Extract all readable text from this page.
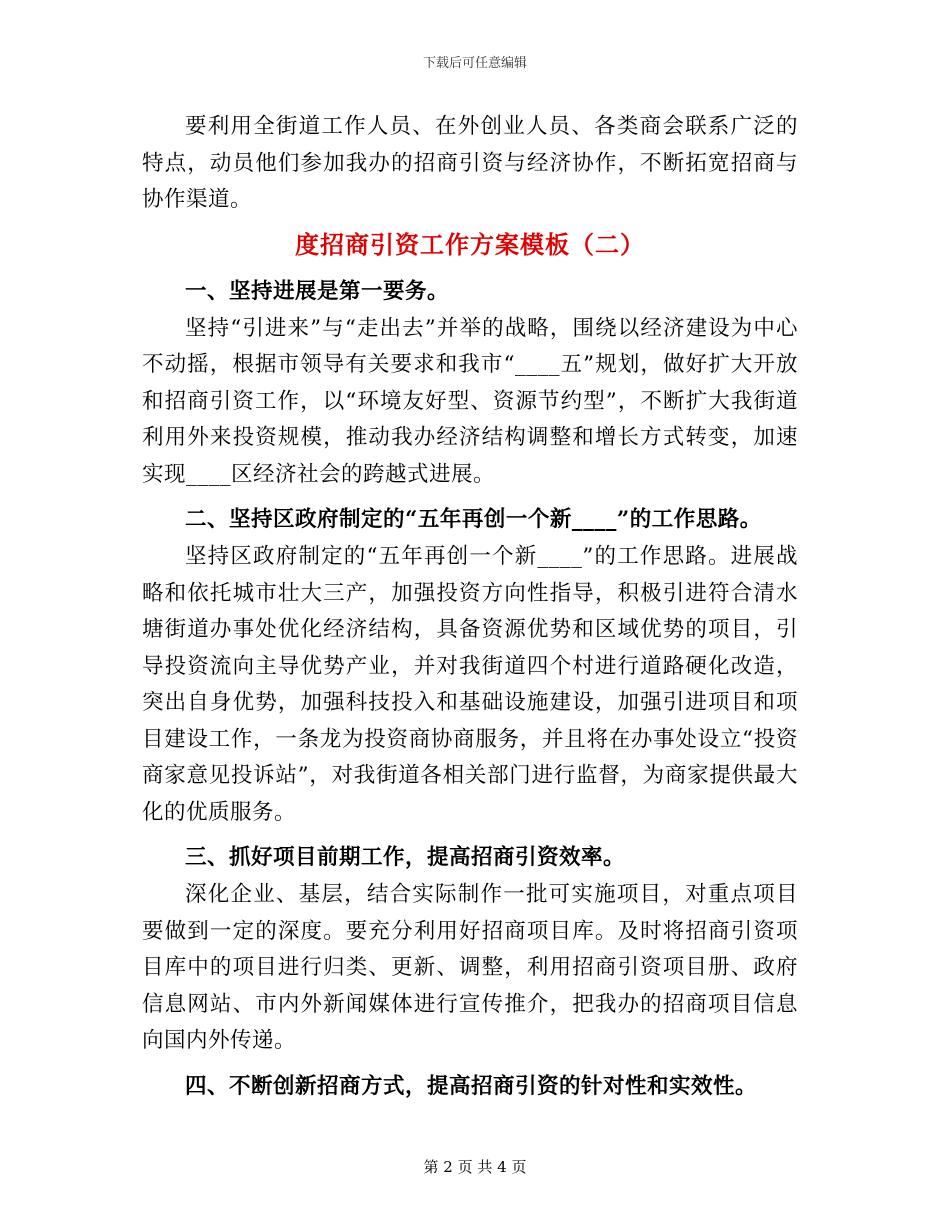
下载后可任意编辑

要利用全街道工作人员、在外创业人员、各类商会联系广泛的特点，动员他们参加我办的招商引资与经济协作，不断拓宽招商与协作渠道。

度招商引资工作方案模板（二）

一、坚持进展是第一要务。

坚持“引进来”与“走出去”并举的战略，围绕以经济建设为中心不动摇，根据市领导有关要求和我市“____五”规划，做好扩大开放和招商引资工作，以“环境友好型、资源节约型”，不断扩大我街道利用外来投资规模，推动我办经济结构调整和增长方式转变，加速实现____区经济社会的跨越式进展。

二、坚持区政府制定的“五年再创一个新____”的工作思路。

坚持区政府制定的“五年再创一个新____”的工作思路。进展战略和依托城市壮大三产，加强投资方向性指导，积极引进符合清水塘街道办事处优化经济结构，具备资源优势和区域优势的项目，引导投资流向主导优势产业，并对我街道四个村进行道路硬化改造，突出自身优势，加强科技投入和基础设施建设，加强引进项目和项目建设工作，一条龙为投资商协商服务，并且将在办事处设立“投资商家意见投诉站”，对我街道各相关部门进行监督，为商家提供最大化的优质服务。

三、抓好项目前期工作，提高招商引资效率。

深化企业、基层，结合实际制作一批可实施项目，对重点项目要做到一定的深度。要充分利用好招商项目库。及时将招商引资项目库中的项目进行归类、更新、调整，利用招商引资项目册、政府信息网站、市内外新闻媒体进行宣传推介，把我办的招商项目信息向国内外传递。

四、不断创新招商方式，提高招商引资的针对性和实效性。

第 2 页 共 4 页
